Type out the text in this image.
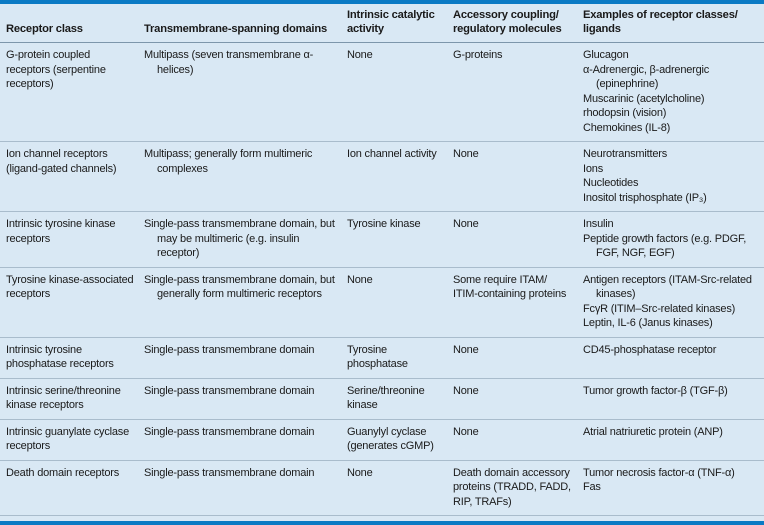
Receptor class	Transmembrane-spanning domains	Intrinsic catalytic activity	Accessory coupling/ regulatory molecules	Examples of receptor classes/ ligands

G-protein coupled receptors (serpentine receptors)	Multipass (seven transmembrane α-helices)	None	G-proteins	Glucagon
α-Adrenergic, β-adrenergic (epinephrine)
Muscarinic (acetylcholine)
rhodopsin (vision)
Chemokines (IL-8)

Ion channel receptors (ligand-gated channels)	Multipass; generally form multimeric complexes	Ion channel activity	None	Neurotransmitters
Ions
Nucleotides
Inositol trisphosphate (IP₃)

Intrinsic tyrosine kinase receptors	Single-pass transmembrane domain, but may be multimeric (e.g. insulin receptor)	Tyrosine kinase	None	Insulin
Peptide growth factors (e.g. PDGF, FGF, NGF, EGF)

Tyrosine kinase-associated receptors	Single-pass transmembrane domain, but generally form multimeric receptors	None	Some require ITAM/ ITIM-containing proteins	Antigen receptors (ITAM-Src-related kinases)
FcγR (ITIM–Src-related kinases)
Leptin, IL-6 (Janus kinases)

Intrinsic tyrosine phosphatase receptors	Single-pass transmembrane domain	Tyrosine phosphatase	None	CD45-phosphatase receptor

Intrinsic serine/threonine kinase receptors	Single-pass transmembrane domain	Serine/threonine kinase	None	Tumor growth factor-β (TGF-β)

Intrinsic guanylate cyclase receptors	Single-pass transmembrane domain	Guanylyl cyclase (generates cGMP)	None	Atrial natriuretic protein (ANP)

Death domain receptors	Single-pass transmembrane domain	None	Death domain accessory proteins (TRADD, FADD, RIP, TRAFs)	Tumor necrosis factor-α (TNF-α)
Fas
